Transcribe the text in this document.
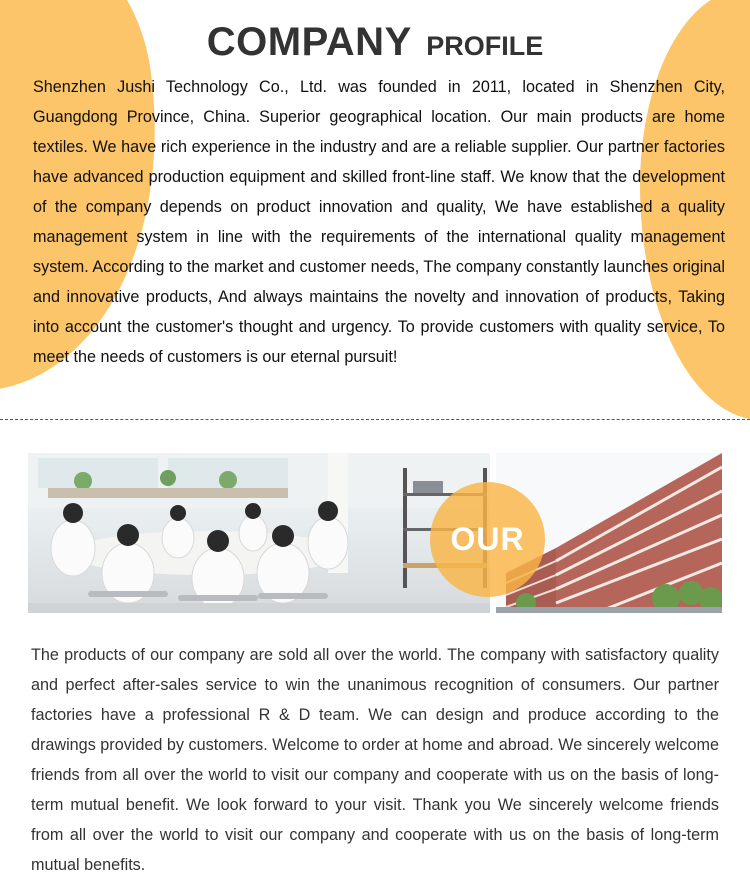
COMPANY PROFILE

Shenzhen Jushi Technology Co., Ltd. was founded in 2011, located in Shenzhen City, Guangdong Province, China. Superior geographical location. Our main products are home textiles. We have rich experience in the industry and are a reliable supplier. Our partner factories have advanced production equipment and skilled front-line staff. We know that the development of the company depends on product innovation and quality, We have established a quality management system in line with the requirements of the international quality management system. According to the market and customer needs, The company constantly launches original and innovative products, And always maintains the novelty and innovation of products, Taking into account the customer's thought and urgency. To provide customers with quality service, To meet the needs of customers is our eternal pursuit!

OUR

The products of our company are sold all over the world. The company with satisfactory quality and perfect after-sales service to win the unanimous recognition of consumers. Our partner factories have a professional R & D team. We can design and produce according to the drawings provided by customers. Welcome to order at home and abroad. We sincerely welcome friends from all over the world to visit our company and cooperate with us on the basis of long-term mutual benefit. We look forward to your visit. Thank you We sincerely welcome friends from all over the world to visit our company and cooperate with us on the basis of long-term mutual benefits.
